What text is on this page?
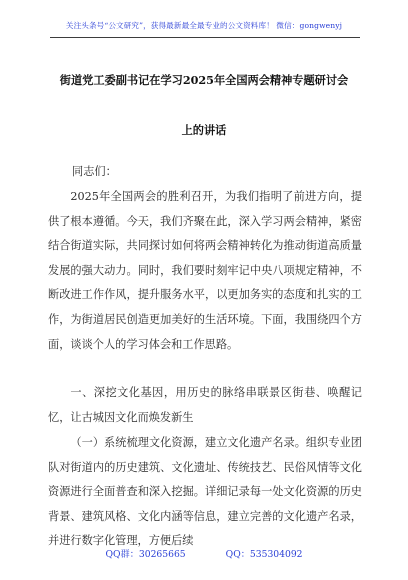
关注头条号“公文研究”，获得最新最全最专业的公文资料库！ 微信：gongwenyj
街道党工委副书记在学习2025年全国两会精神专题研讨会
上的讲话

同志们：

2025年全国两会的胜利召开，为我们指明了前进方向，提供了根本遵循。今天，我们齐聚在此，深入学习两会精神，紧密结合街道实际，共同探讨如何将两会精神转化为推动街道高质量发展的强大动力。同时，我们要时刻牢记中央八项规定精神，不断改进工作作风，提升服务水平，以更加务实的态度和扎实的工作，为街道居民创造更加美好的生活环境。下面，我围绕四个方面，谈谈个人的学习体会和工作思路。

一、深挖文化基因，用历史的脉络串联景区街巷、唤醒记忆，让古城因文化而焕发新生

（一）系统梳理文化资源，建立文化遗产名录。组织专业团队对街道内的历史建筑、文化遗址、传统技艺、民俗风情等文化资源进行全面普查和深入挖掘。详细记录每一处文化资源的历史背景、建筑风格、文化内涵等信息，建立完善的文化遗产名录，并进行数字化管理，方便后续

QQ群：30265665	QQ：535304092
